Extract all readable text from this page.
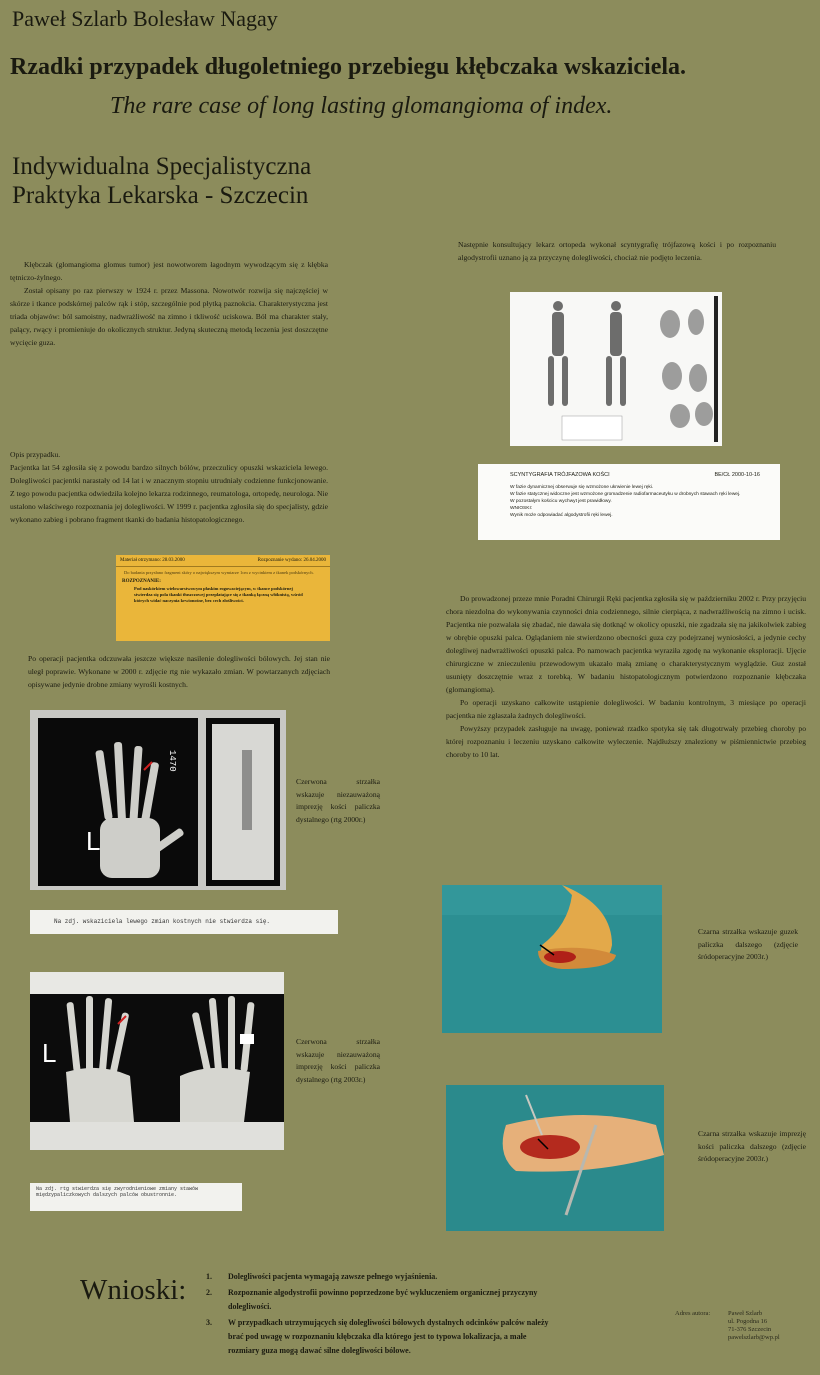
Paweł Szlarb Bolesław Nagay
Rzadki przypadek długoletniego przebiegu kłębczaka wskaziciela.
The rare case of long lasting glomangioma of index.
Indywidualna Specjalistyczna
Praktyka Lekarska - Szczecin

Kłębczak (glomangioma glomus tumor) jest nowotworem łagodnym wywodzącym się z kłębka tętniczo-żylnego.

Został opisany po raz pierwszy w 1924 r. przez Massona. Nowotwór rozwija się najczęściej w skórze i tkance podskórnej palców rąk i stóp, szczególnie pod płytką paznokcia. Charakterystyczna jest triada objawów: ból samoistny, nadwrażliwość na zimno i tkliwość uciskowa. Ból ma charakter stały, palący, rwący i promieniuje do okolicznych struktur. Jedyną skuteczną metodą leczenia jest doszczętne wycięcie guza.

Opis przypadku.
Pacjentka lat 54 zgłosiła się z powodu bardzo silnych bólów, przeczulicy opuszki wskaziciela lewego. Dolegliwości pacjentki narastały od 14 lat i w znacznym stopniu utrudniały codzienne funkcjonowanie. Z tego powodu pacjentka odwiedziła kolejno lekarza rodzinnego, reumatologa, ortopedę, neurologa. Nie ustalono właściwego rozpoznania jej dolegliwości. W 1999 r. pacjentka zgłosiła się do specjalisty, gdzie wykonano zabieg i pobrano fragment tkanki do badania histopatologicznego.
Materiał otrzymano: 28.03.2000	Rozpoznanie wydano: 26.04.2000
Do badania przysłano fragment skóry o największym wymiarze 1cm z wycinkiem z tkanek podskórnych.
ROZPOZNANIE:
Pod naskórkiem wielowarstwowym płaskim rogowaciejącym, w tkance podskórnej stwierdza się pola tkanki tłuszczowej przeplatające się z tkanką łączną włóknistą, wśród których widać naczynia krwionośne, bez cech złośliwości.
Po operacji pacjentka odczuwała jeszcze większe nasilenie dolegliwości bólowych. Jej stan nie uległ poprawie. Wykonane w 2000 r. zdjęcie rtg nie wykazało zmian. W powtarzanych zdjęciach opisywane jedynie drobne zmiany wyrośli kostnych.
L
1470
Czerwona strzałka wskazuje niezauważoną imprezję kości paliczka dystalnego (rtg 2000r.)
Na zdj. wskaziciela lewego zmian kostnych nie stwierdza się.
L	Czerwona strzałka wskazuje niezauważoną imprezję kości paliczka dystalnego (rtg 2003r.)
Na zdj. rtg stwierdza się zwyrodnieniowe zmiany stawów międzypaliczkowych dalszych palców obustronnie.
Następnie konsultujący lekarz ortopeda wykonał scyntygrafię trójfazową kości i po rozpoznaniu algodystrofii uznano ją za przyczynę dolegliwości, chociaż nie podjęto leczenia.
SCYNTYGRAFIA TRÓJFAZOWA KOŚCI	BE/CŁ 2000-10-16
W fazie dynamicznej obserwuje się wzmożone ukrwienie lewej ręki.
W fazie statycznej widoczne jest wzmożone gromadzenie radiofarmaceutyku w drobnych stawach ręki lewej.
W pozostałym kościcu wychwyt jest prawidłowy.
WNIOSKI:
Wynik może odpowiadać algodystrofii ręki lewej.

Do prowadzonej przeze mnie Poradni Chirurgii Ręki pacjentka zgłosiła się w październiku 2002 r. Przy przyjęciu chora niezdolna do wykonywania czynności dnia codziennego, silnie cierpiąca, z nadwrażliwością na zimno i ucisk. Pacjentka nie pozwalała się zbadać, nie dawała się dotknąć w okolicy opuszki, nie zgadzała się na jakikolwiek zabieg w obrębie opuszki palca. Oglądaniem nie stwierdzono obecności guza czy podejrzanej wyniosłości, a jedynie cechy dolegliwej nadwrażliwości opuszki palca. Po namowach pacjentka wyraziła zgodę na wykonanie eksploracji. Ujęcie chirurgiczne w znieczuleniu przewodowym ukazało małą zmianę o charakterystycznym wyglądzie. Guz został usunięty doszczętnie wraz z torebką. W badaniu histopatologicznym potwierdzono rozpoznanie kłębczaka (glomangioma).

Po operacji uzyskano całkowite ustąpienie dolegliwości. W badaniu kontrolnym, 3 miesiące po operacji pacjentka nie zgłaszała żadnych dolegliwości.

Powyższy przypadek zasługuje na uwagę, ponieważ rzadko spotyka się tak długotrwały przebieg choroby po której rozpoznaniu i leczeniu uzyskano całkowite wyleczenie. Najdłuższy znaleziony w piśmiennictwie przebieg choroby to 10 lat.

Czarna strzałka wskazuje guzek paliczka dalszego (zdjęcie śródoperacyjne 2003r.)
Czarna strzałka wskazuje imprezję kości paliczka dalszego (zdjęcie śródoperacyjne 2003r.)
Wnioski: 1. Dolegliwości pacjenta wymagają zawsze pełnego wyjaśnienia.
2. Rozpoznanie algodystrofii powinno poprzedzone być wykluczeniem organicznej przyczyny dolegliwości.
3. W przypadkach utrzymujących się dolegliwości bólowych dystalnych odcinków palców należy brać pod uwagę w rozpoznaniu kłębczaka dla którego jest to typowa lokalizacja, a małe rozmiary guza mogą dawać silne dolegliwości bólowe.
Adres autora:	Paweł Szlarb
ul. Pogodna 16
71-376 Szczecin
pawelszlarb@wp.pl
